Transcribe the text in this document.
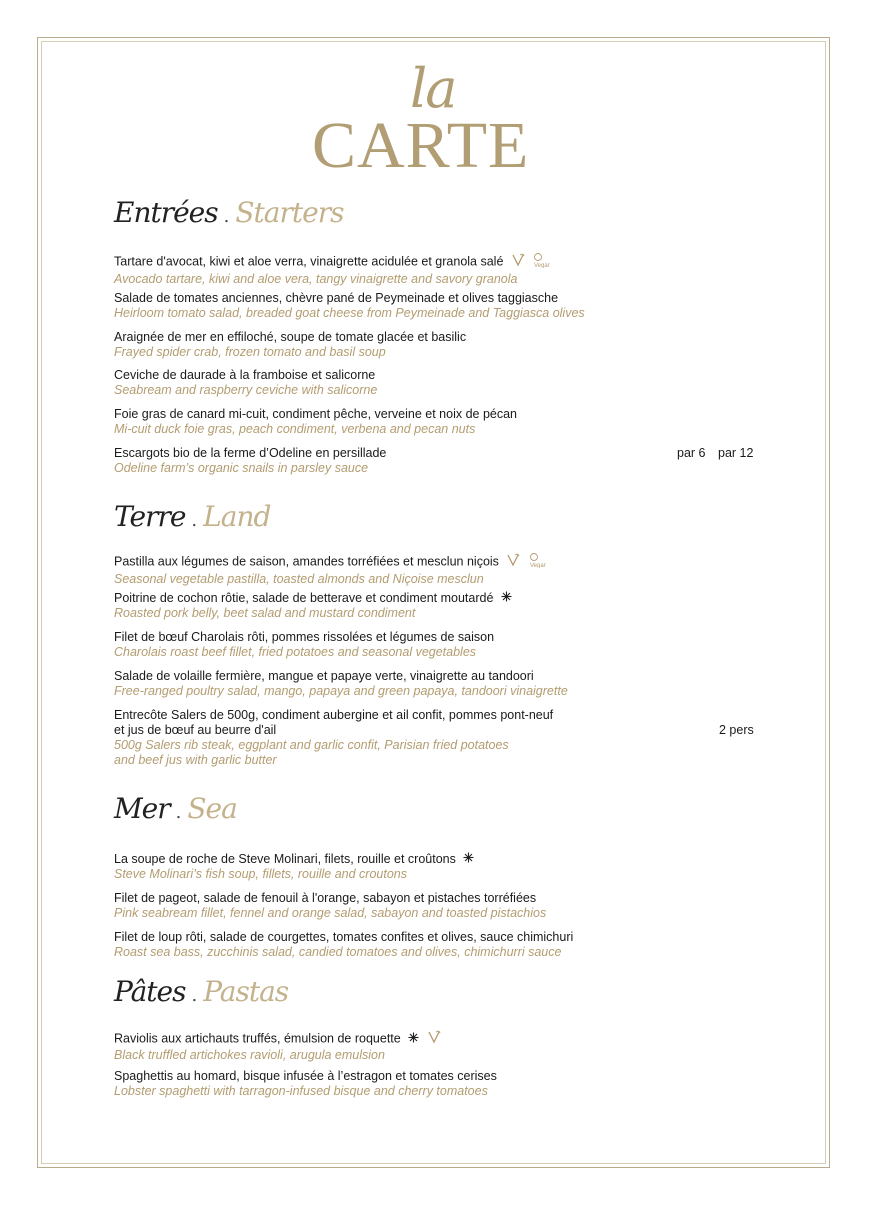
la
CARTE
Entrées . Starters
Tartare d'avocat, kiwi et aloe verra, vinaigrette acidulée et granola salé	Vegan
Avocado tartare, kiwi and aloe vera, tangy vinaigrette and savory granola
Salade de tomates anciennes, chèvre pané de Peymeinade et olives taggiasche
Heirloom tomato salad, breaded goat cheese from Peymeinade and Taggiasca olives
Araignée de mer en effiloché, soupe de tomate glacée et basilic
Frayed spider crab, frozen tomato and basil soup
Ceviche de daurade à la framboise et salicorne
Seabream and raspberry ceviche with salicorne
Foie gras de canard mi-cuit, condiment pêche, verveine et noix de pécan
Mi-cuit duck foie gras, peach condiment, verbena and pecan nuts
Escargots bio de la ferme d’Odeline en persillade
Odeline farm’s organic snails in parsley sauce
par 6 par 12
Terre . Land
Pastilla aux légumes de saison, amandes torréfiées et mesclun niçois	Vegan
Seasonal vegetable pastilla, toasted almonds and Niçoise mesclun
Poitrine de cochon rôtie, salade de betterave et condiment moutardé
Roasted pork belly, beet salad and mustard condiment
Filet de bœuf Charolais rôti, pommes rissolées et légumes de saison
Charolais roast beef fillet, fried potatoes and seasonal vegetables
Salade de volaille fermière, mangue et papaye verte, vinaigrette au tandoori
Free-ranged poultry salad, mango, papaya and green papaya, tandoori vinaigrette
Entrecôte Salers de 500g, condiment aubergine et ail confit, pommes pont-neuf
et jus de bœuf au beurre d'ail
500g Salers rib steak, eggplant and garlic confit, Parisian fried potatoes
and beef jus with garlic butter
2 pers
Mer . Sea
La soupe de roche de Steve Molinari, filets, rouille et croûtons
Steve Molinari’s fish soup, fillets, rouille and croutons
Filet de pageot, salade de fenouil à l'orange, sabayon et pistaches torréfiées
Pink seabream fillet, fennel and orange salad, sabayon and toasted pistachios
Filet de loup rôti, salade de courgettes, tomates confites et olives, sauce chimichuri
Roast sea bass, zucchinis salad, candied tomatoes and olives, chimichurri sauce
Pâtes . Pastas
Raviolis aux artichauts truffés, émulsion de roquette
Black truffled artichokes ravioli, arugula emulsion
Spaghettis au homard, bisque infusée à l’estragon et tomates cerises
Lobster spaghetti with tarragon-infused bisque and cherry tomatoes
